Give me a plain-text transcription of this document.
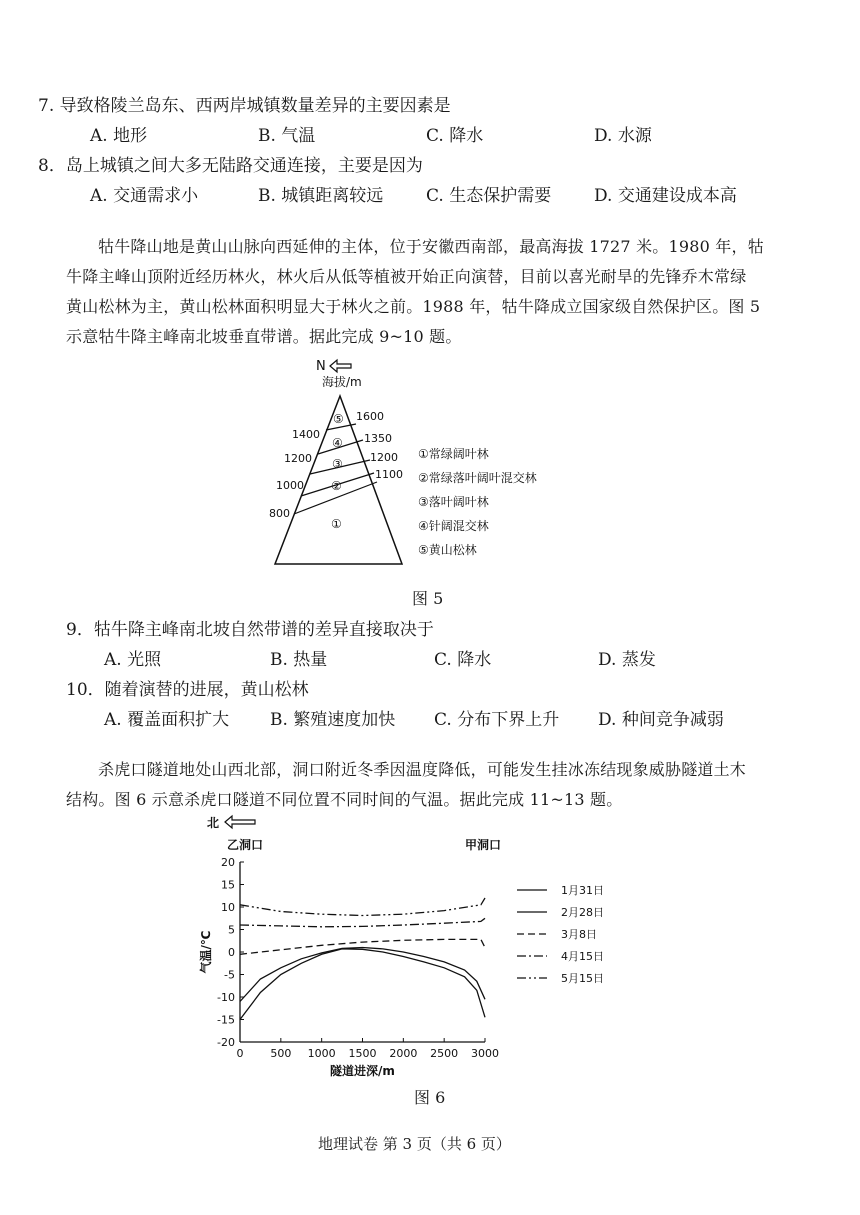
7. 导致格陵兰岛东、西两岸城镇数量差异的主要因素是
A. 地形	B. 气温	C. 降水	D. 水源
8．岛上城镇之间大多无陆路交通连接，主要是因为
A. 交通需求小	B. 城镇距离较远	C. 生态保护需要	D. 交通建设成本高
牯牛降山地是黄山山脉向西延伸的主体，位于安徽西南部，最高海拔 1727 米。1980 年，牯
牛降主峰山顶附近经历林火，林火后从低等植被开始正向演替，目前以喜光耐旱的先锋乔木常绿
黄山松林为主，黄山松林面积明显大于林火之前。1988 年，牯牛降成立国家级自然保护区。图 5
示意牯牛降主峰南北坡垂直带谱。据此完成 9~10 题。
N
海拔/m
⑤
④
③
②
①
1400
1200
1000
800
1600
1350
1200
1100
①常绿阔叶林
②常绿落叶阔叶混交林
③落叶阔叶林
④针阔混交林
⑤黄山松林
图 5
9．牯牛降主峰南北坡自然带谱的差异直接取决于
A. 光照	B. 热量	C. 降水	D. 蒸发
10．随着演替的进展，黄山松林
A. 覆盖面积扩大 B. 繁殖速度加快 C. 分布下界上升 D. 种间竞争减弱
杀虎口隧道地处山西北部，洞口附近冬季因温度降低，可能发生挂冰冻结现象威胁隧道土木
结构。图 6 示意杀虎口隧道不同位置不同时间的气温。据此完成 11~13 题。
北
乙洞口	甲洞口
20
15
10
5
0
-5
-10
-15
-20
0 500 1000 1500 2000 2500 3000
隧道进深/m
气温/℃
1月31日
2月28日
3月8日
4月15日
5月15日
图 6
地理试卷 第 3 页（共 6 页）
